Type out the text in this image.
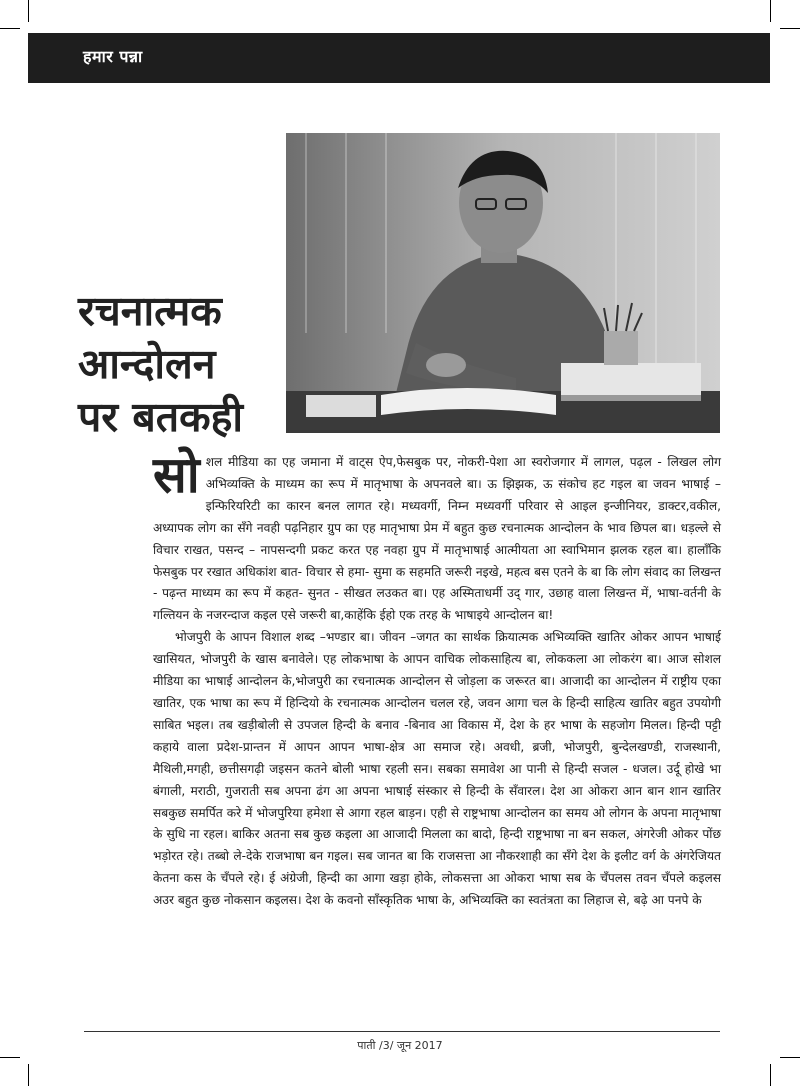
हमार पन्ना
रचनात्मक
आन्दोलन
पर बतकही

सोशल मीडिया का एह जमाना में वाट्स ऐप,फेसबुक पर, नोकरी-पेशा आ स्वरोजगार में लागल, पढ़ल - लिखल लोग अभिव्यक्ति के माध्यम का रूप में मातृभाषा के अपनवले बा। ऊ झिझक, ऊ संकोच हट गइल बा जवन भाषाई –इन्फिरियरिटी का कारन बनल लागत रहे। मध्यवर्गी, निम्न मध्यवर्गी परिवार से आइल इन्जीनियर, डाक्टर,वकील, अध्यापक लोग का सँगे नवही पढ़निहार ग्रुप का एह मातृभाषा प्रेम में बहुत कुछ रचनात्मक आन्दोलन के भाव छिपल बा। धड़ल्ले से विचार राखत, पसन्द – नापसन्दगी प्रकट करत एह नवहा ग्रुप में मातृभाषाई आत्मीयता आ स्वाभिमान झलक रहल बा। हालाँकि फेसबुक पर रखात अधिकांश बात- विचार से हमा- सुमा क सहमति जरूरी नइखे, महत्व बस एतने के बा कि लोग संवाद का लिखन्त - पढ़न्त माध्यम का रूप में कहत- सुनत - सीखत लउकत बा। एह अस्मिताधर्मी उद् गार, उछाह वाला लिखन्त में, भाषा-वर्तनी के गल्तियन के नजरन्दाज कइल एसे जरूरी बा,काहेंकि ईहो एक तरह के भाषाइये आन्दोलन बा!

भोजपुरी के आपन विशाल शब्द –भण्डार बा। जीवन –जगत का सार्थक क्रियात्मक अभिव्यक्ति खातिर ओकर आपन भाषाई खासियत, भोजपुरी के खास बनावेले। एह लोकभाषा के आपन वाचिक लोकसाहित्य बा, लोककला आ लोकरंग बा। आज सोशल मीडिया का भाषाई आन्दोलन के,भोजपुरी का रचनात्मक आन्दोलन से जोड़ला क जरूरत बा। आजादी का आन्दोलन में राष्ट्रीय एका खातिर, एक भाषा का रूप में हिन्दियो के रचनात्मक आन्दोलन चलल रहे, जवन आगा चल के हिन्दी साहित्य खातिर बहुत उपयोगी साबित भइल। तब खड़ीबोली से उपजल हिन्दी के बनाव -बिनाव आ विकास में, देश के हर भाषा के सहजोग मिलल। हिन्दी पट्टी कहाये वाला प्रदेश-प्रान्तन में आपन आपन भाषा-क्षेत्र आ समाज रहे। अवधी, ब्रजी, भोजपुरी, बुन्देलखण्डी, राजस्थानी, मैथिली,मगही, छत्तीसगढ़ी जइसन कतने बोली भाषा रहली सन। सबका समावेश आ पानी से हिन्दी सजल - धजल। उर्दू होखे भा बंगाली, मराठी, गुजराती सब अपना ढंग आ अपना भाषाई संस्कार से हिन्दी के सँवारल। देश आ ओकरा आन बान शान खातिर सबकुछ समर्पित करे में भोजपुरिया हमेशा से आगा रहल बाड़न। एही से राष्ट्रभाषा आन्दोलन का समय ओ लोगन के अपना मातृभाषा के सुधि ना रहल। बाकिर अतना सब कुछ कइला आ आजादी मिलला का बादो, हिन्दी राष्ट्रभाषा ना बन सकल, अंगरेजी ओकर पोंछ भड़ोरत रहे। तब्बो ले-देके राजभाषा बन गइल। सब जानत बा कि राजसत्ता आ नौकरशाही का सँगे देश के इलीट वर्ग के अंगरेजियत केतना कस के चँपले रहे। ई अंग्रेजी, हिन्दी का आगा खड़ा होके, लोकसत्ता आ ओकरा भाषा सब के चँपलस तवन चँपले कइलस अउर बहुत कुछ नोकसान कइलस। देश के कवनो साँस्कृतिक भाषा के, अभिव्यक्ति का स्वतंत्रता का लिहाज से, बढ़े आ पनपे के

पाती /3/ जून 2017
